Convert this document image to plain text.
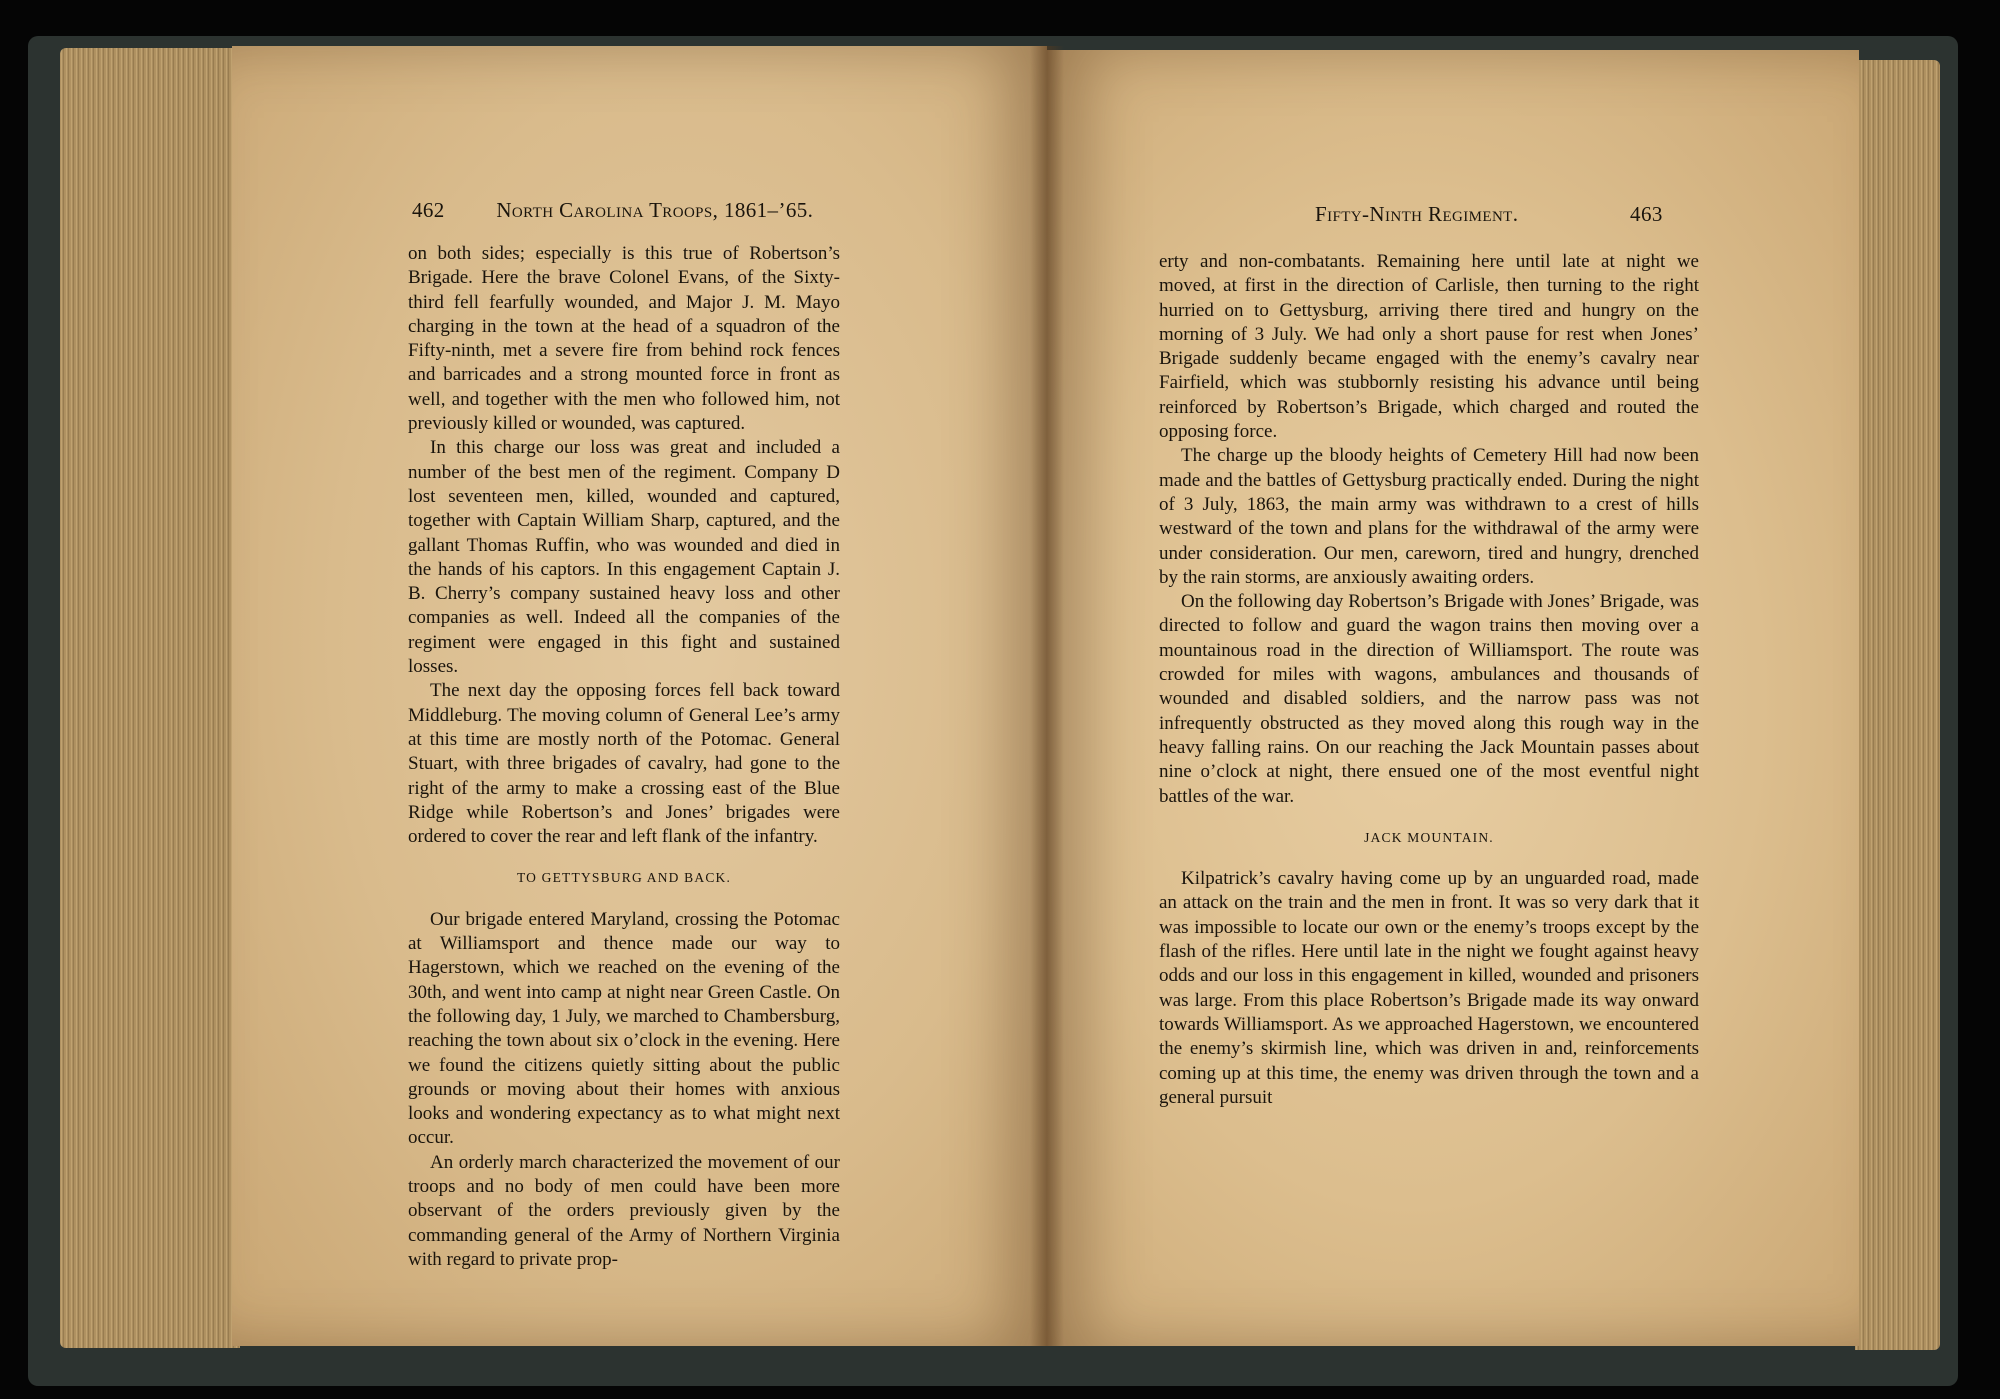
462 North Carolina Troops, 1861–’65.

on both sides; especially is this true of Robertson’s Brigade. Here the brave Colonel Evans, of the Sixty-third fell fearfully wounded, and Major J. M. Mayo charging in the town at the head of a squadron of the Fifty-ninth, met a severe fire from behind rock fences and barricades and a strong mounted force in front as well, and together with the men who followed him, not previously killed or wounded, was captured.

In this charge our loss was great and included a number of the best men of the regiment. Company D lost seventeen men, killed, wounded and captured, together with Captain William Sharp, captured, and the gallant Thomas Ruffin, who was wounded and died in the hands of his captors. In this engagement Captain J. B. Cherry’s company sustained heavy loss and other companies as well. Indeed all the companies of the regiment were engaged in this fight and sustained losses.

The next day the opposing forces fell back toward Middleburg. The moving column of General Lee’s army at this time are mostly north of the Potomac. General Stuart, with three brigades of cavalry, had gone to the right of the army to make a crossing east of the Blue Ridge while Robertson’s and Jones’ brigades were ordered to cover the rear and left flank of the infantry.

TO GETTYSBURG AND BACK.

Our brigade entered Maryland, crossing the Potomac at Williamsport and thence made our way to Hagerstown, which we reached on the evening of the 30th, and went into camp at night near Green Castle. On the following day, 1 July, we marched to Chambersburg, reaching the town about six o’clock in the evening. Here we found the citizens quietly sitting about the public grounds or moving about their homes with anxious looks and wondering expectancy as to what might next occur.

An orderly march characterized the movement of our troops and no body of men could have been more observant of the orders previously given by the commanding general of the Army of Northern Virginia with regard to private prop-

Fifty-Ninth Regiment.	463

erty and non-combatants. Remaining here until late at night we moved, at first in the direction of Carlisle, then turning to the right hurried on to Gettysburg, arriving there tired and hungry on the morning of 3 July. We had only a short pause for rest when Jones’ Brigade suddenly became engaged with the enemy’s cavalry near Fairfield, which was stubbornly resisting his advance until being reinforced by Robertson’s Brigade, which charged and routed the opposing force.

The charge up the bloody heights of Cemetery Hill had now been made and the battles of Gettysburg practically ended. During the night of 3 July, 1863, the main army was withdrawn to a crest of hills westward of the town and plans for the withdrawal of the army were under consideration. Our men, careworn, tired and hungry, drenched by the rain storms, are anxiously awaiting orders.

On the following day Robertson’s Brigade with Jones’ Brigade, was directed to follow and guard the wagon trains then moving over a mountainous road in the direction of Williamsport. The route was crowded for miles with wagons, ambulances and thousands of wounded and disabled soldiers, and the narrow pass was not infrequently obstructed as they moved along this rough way in the heavy falling rains. On our reaching the Jack Mountain passes about nine o’clock at night, there ensued one of the most eventful night battles of the war.

JACK MOUNTAIN.

Kilpatrick’s cavalry having come up by an unguarded road, made an attack on the train and the men in front. It was so very dark that it was impossible to locate our own or the enemy’s troops except by the flash of the rifles. Here until late in the night we fought against heavy odds and our loss in this engagement in killed, wounded and prisoners was large. From this place Robertson’s Brigade made its way onward towards Williamsport. As we approached Hagerstown, we encountered the enemy’s skirmish line, which was driven in and, reinforcements coming up at this time, the enemy was driven through the town and a general pursuit
